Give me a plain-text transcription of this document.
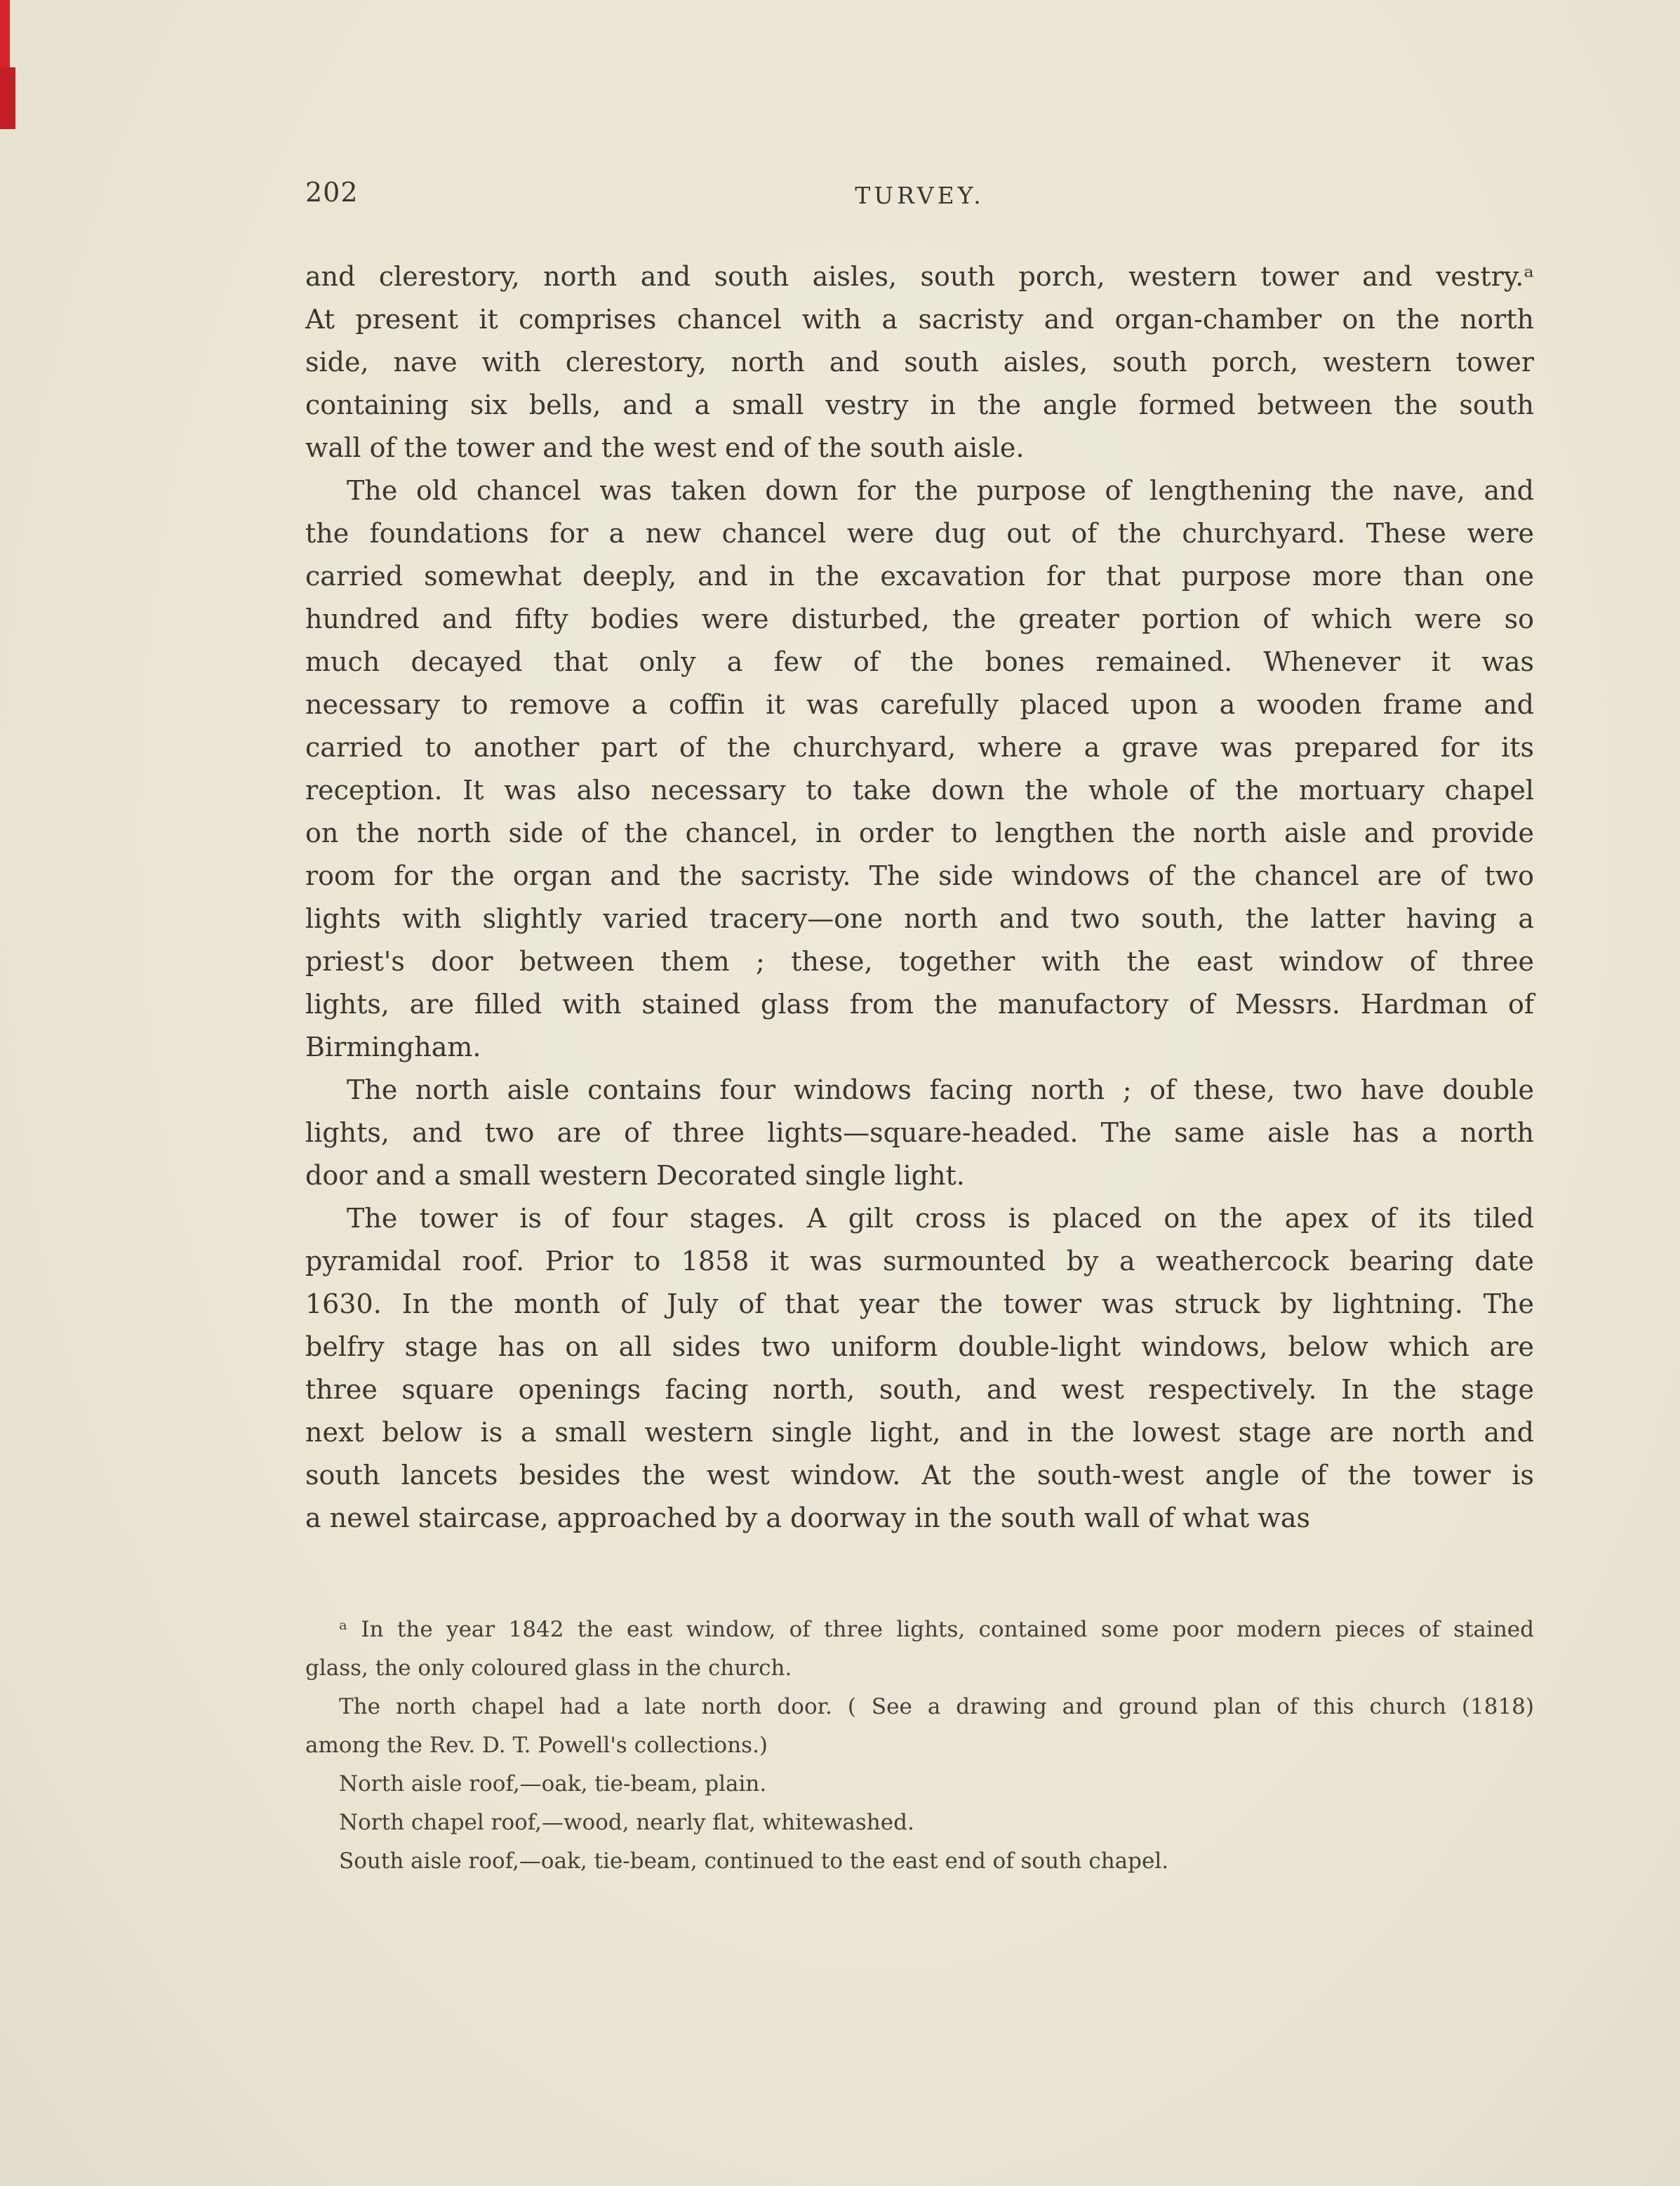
202	TURVEY.
and clerestory, north and south aisles, south porch, western tower and vestry.ᵃ
At present it comprises chancel with a sacristy and organ-chamber on the north
side, nave with clerestory, north and south aisles, south porch, western tower
containing six bells, and a small vestry in the angle formed between the south
wall of the tower and the west end of the south aisle.
The old chancel was taken down for the purpose of lengthening the nave, and
the foundations for a new chancel were dug out of the churchyard. These were
carried somewhat deeply, and in the excavation for that purpose more than one
hundred and fifty bodies were disturbed, the greater portion of which were so
much decayed that only a few of the bones remained. Whenever it was
necessary to remove a coffin it was carefully placed upon a wooden frame and
carried to another part of the churchyard, where a grave was prepared for its
reception. It was also necessary to take down the whole of the mortuary chapel
on the north side of the chancel, in order to lengthen the north aisle and provide
room for the organ and the sacristy. The side windows of the chancel are of two
lights with slightly varied tracery—one north and two south, the latter having a
priest's door between them ; these, together with the east window of three
lights, are filled with stained glass from the manufactory of Messrs. Hardman of
Birmingham.
The north aisle contains four windows facing north ; of these, two have double
lights, and two are of three lights—square-headed. The same aisle has a north
door and a small western Decorated single light.
The tower is of four stages. A gilt cross is placed on the apex of its tiled
pyramidal roof. Prior to 1858 it was surmounted by a weathercock bearing date
1630. In the month of July of that year the tower was struck by lightning. The
belfry stage has on all sides two uniform double-light windows, below which are
three square openings facing north, south, and west respectively. In the stage
next below is a small western single light, and in the lowest stage are north and
south lancets besides the west window. At the south-west angle of the tower is
a newel staircase, approached by a doorway in the south wall of what was
ᵃ In the year 1842 the east window, of three lights, contained some poor modern pieces of stained
glass, the only coloured glass in the church.
The north chapel had a late north door. ( See a drawing and ground plan of this church (1818)
among the Rev. D. T. Powell's collections.)
North aisle roof,—oak, tie-beam, plain.
North chapel roof,—wood, nearly flat, whitewashed.
South aisle roof,—oak, tie-beam, continued to the east end of south chapel.
